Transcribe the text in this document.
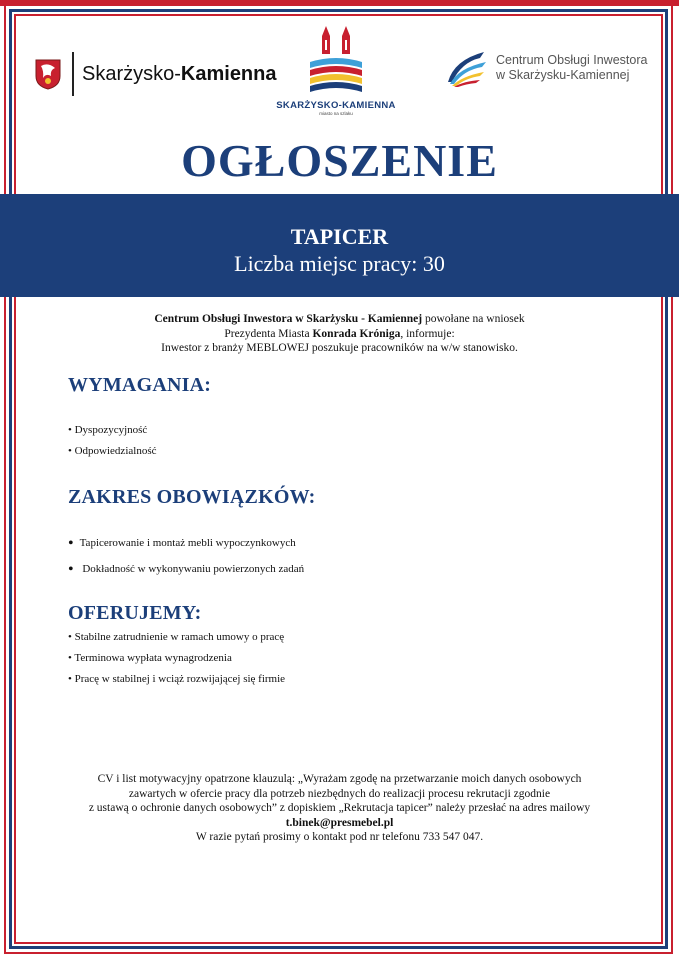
Skarżysko-Kamienna
SKARŻYSKO-KAMIENNA
miasto na szlaku
Centrum Obsługi Inwestora
w Skarżysku-Kamiennej
OGŁOSZENIE
TAPICER
Liczba miejsc pracy: 30
Centrum Obsługi Inwestora w Skarżysku - Kamiennej powołane na wniosek
Prezydenta Miasta Konrada Króniga, informuje:
Inwestor z branży MEBLOWEJ poszukuje pracowników na w/w stanowisko.
WYMAGANIA:
• Dyspozycyjność
• Odpowiedzialność
ZAKRES OBOWIĄZKÓW:
• Tapicerowanie i montaż mebli wypoczynkowych
• Dokładność w wykonywaniu powierzonych zadań
OFERUJEMY:
• Stabilne zatrudnienie w ramach umowy o pracę
• Terminowa wypłata wynagrodzenia
• Pracę w stabilnej i wciąż rozwijającej się firmie
CV i list motywacyjny opatrzone klauzulą: „Wyrażam zgodę na przetwarzanie moich danych osobowych
zawartych w ofercie pracy dla potrzeb niezbędnych do realizacji procesu rekrutacji zgodnie
z ustawą o ochronie danych osobowych” z dopiskiem „Rekrutacja tapicer” należy przesłać na adres mailowy
t.binek@presmebel.pl
W razie pytań prosimy o kontakt pod nr telefonu 733 547 047.
